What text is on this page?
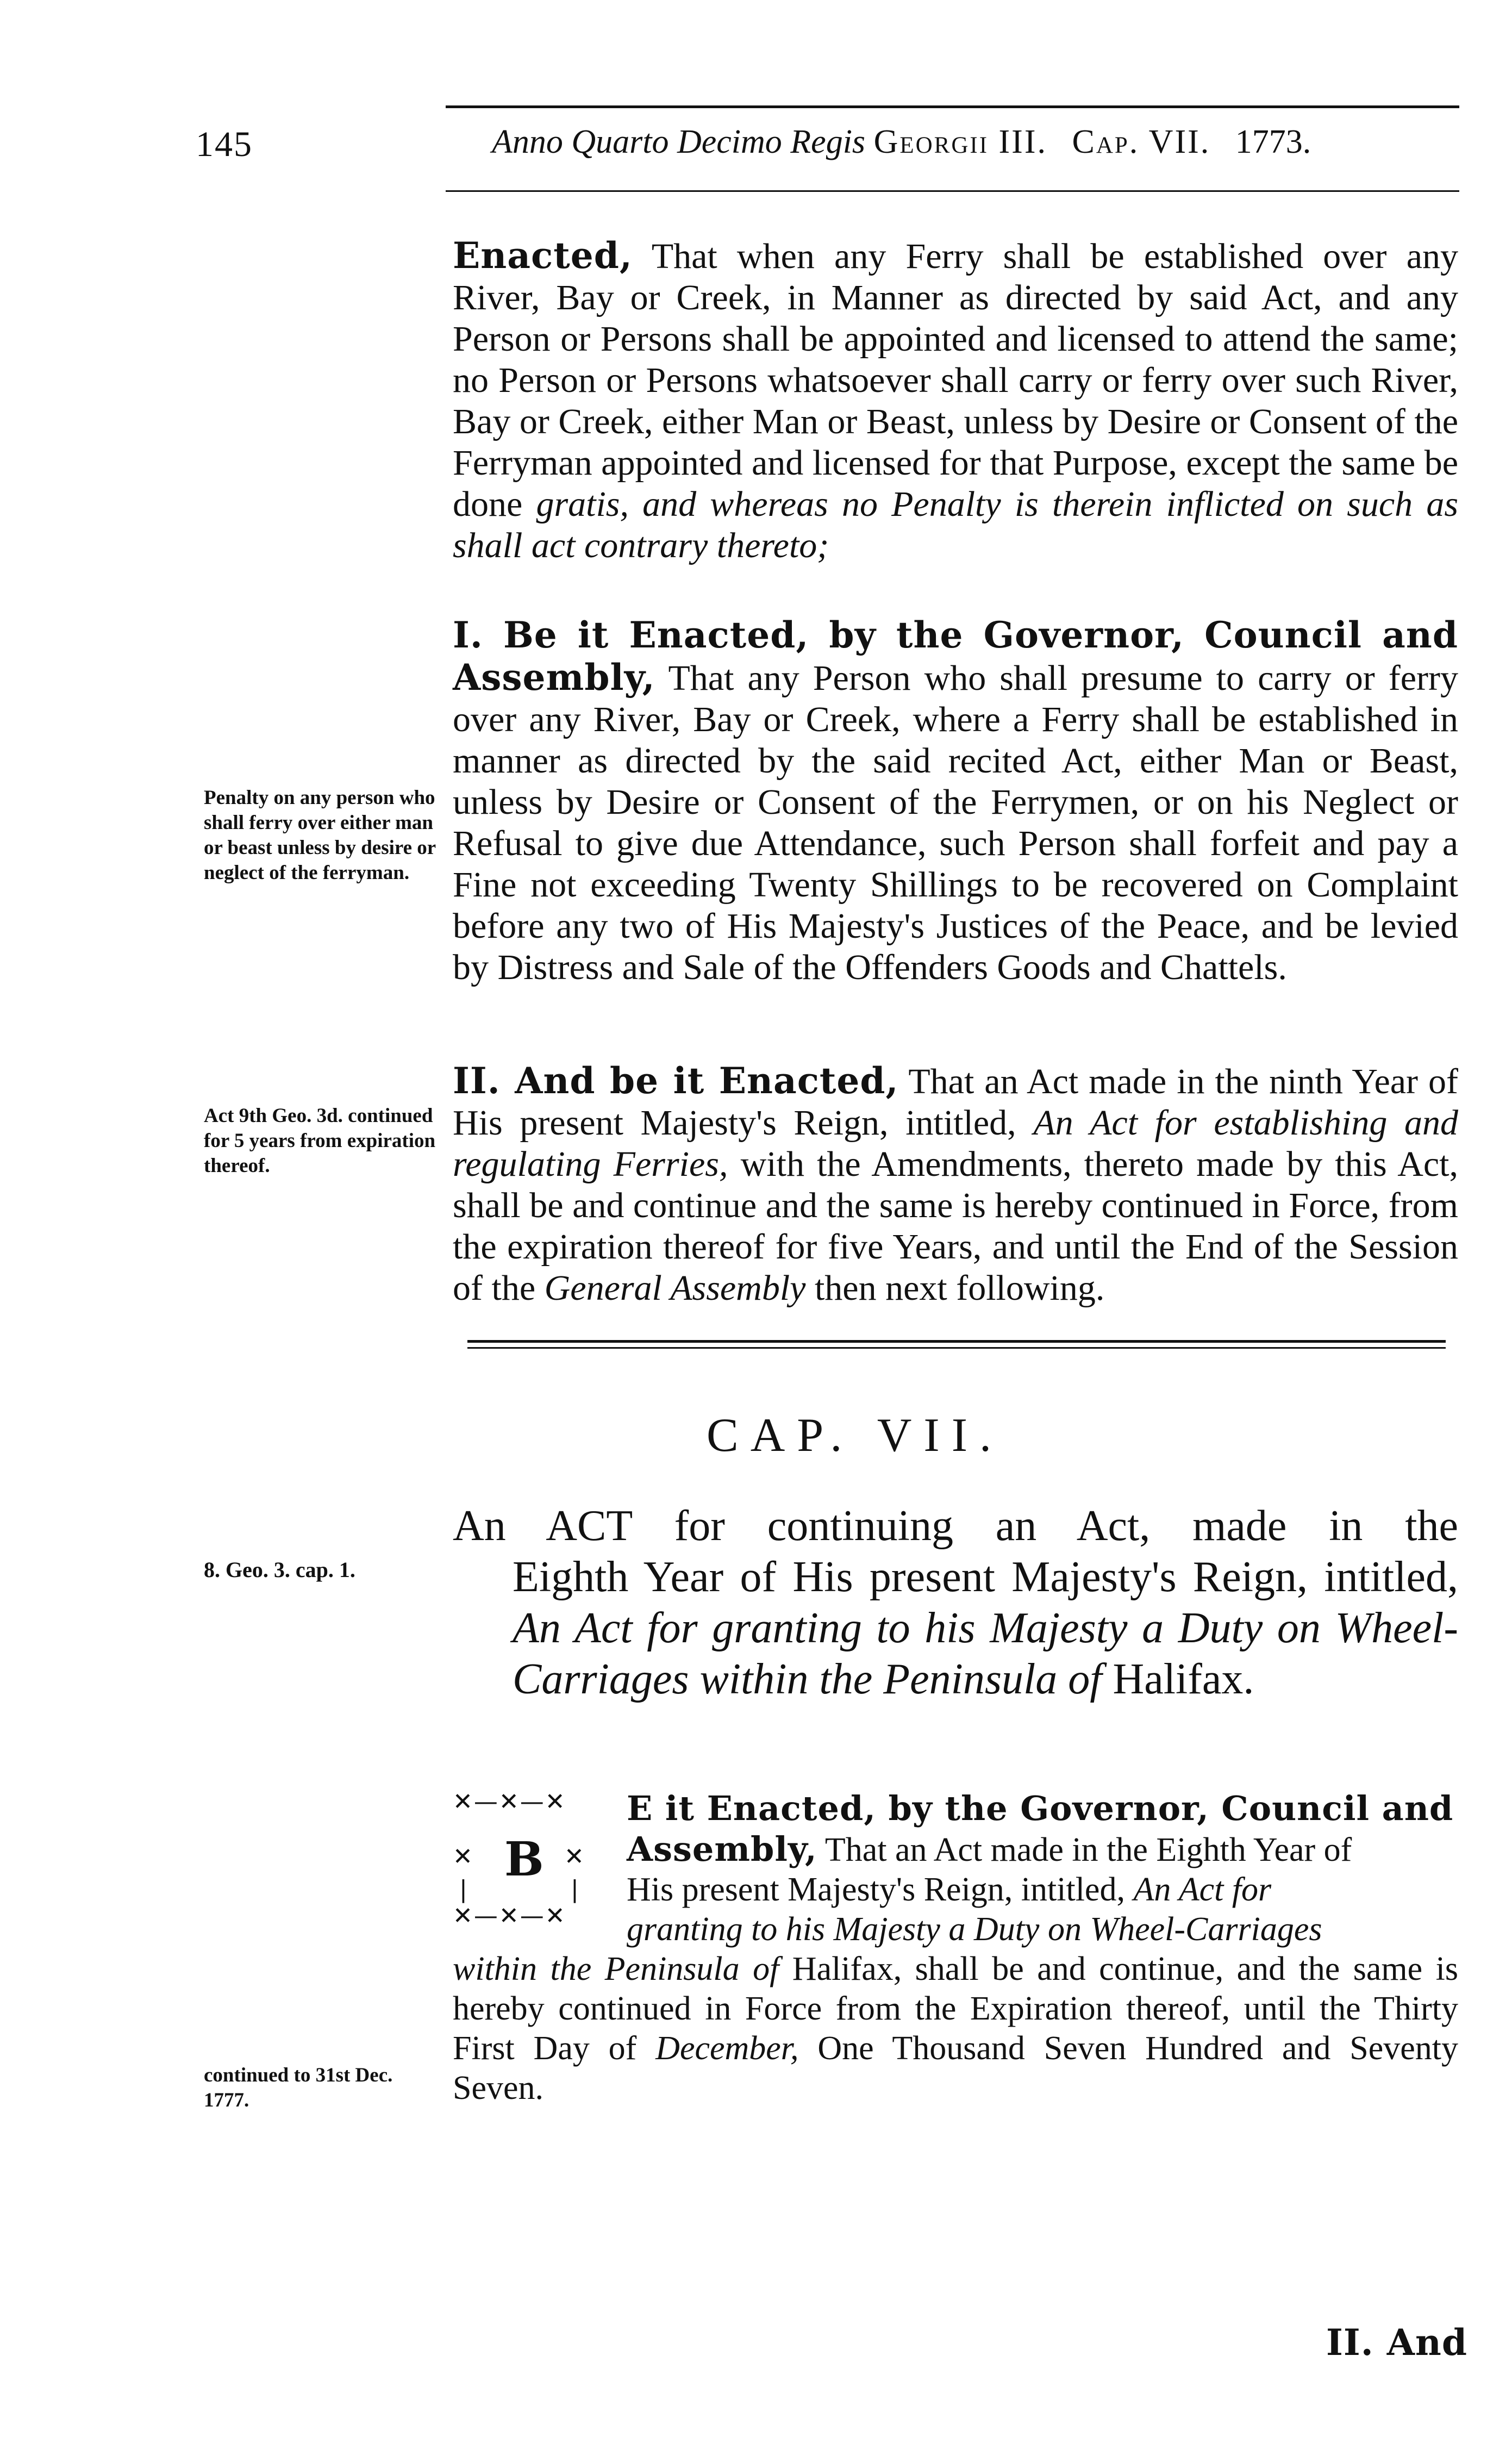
145	Anno Quarto Decimo Regis Georgii III. Cap. VII. 1773.
Enacted, That when any Ferry shall be established over any River, Bay or Creek, in Manner as directed by said Act, and any Person or Persons shall be appointed and licensed to attend the same; no Person or Persons whatsoever shall carry or ferry over such River, Bay or Creek, either Man or Beast, unless by Desire or Consent of the Ferryman appointed and licensed for that Purpose, except the same be done gratis, and whereas no Penalty is therein inflicted on such as shall act contrary thereto;
I. Be it Enacted, by the Governor, Council and Assembly, That any Person who shall presume to carry or ferry over any River, Bay or Creek, where a Ferry shall be established in manner as directed by the said recited Act, either Man or Beast, unless by Desire or Consent of the Ferrymen, or on his Neglect or Refusal to give due Attendance, such Person shall forfeit and pay a Fine not exceeding Twenty Shillings to be recovered on Complaint before any two of His Majesty's Justices of the Peace, and be levied by Distress and Sale of the Offenders Goods and Chattels.
Penalty on any person who shall ferry over either man or beast unless by desire or neglect of the ferryman.
II. And be it Enacted, That an Act made in the ninth Year of His present Majesty's Reign, intitled, An Act for establishing and regulating Ferries, with the Amendments, thereto made by this Act, shall be and continue and the same is hereby continued in Force, from the expiration thereof for five Years, and until the End of the Session of the General Assembly then next following.
Act 9th Geo. 3d. continued for 5 years from expiration thereof.
CAP. VII.
An ACT for continuing an Act, made in the
Eighth Year of His present Majesty's Reign, intitled, An Act for granting to his Majesty a Duty on Wheel-Carriages within the Peninsula of Halifax.
8. Geo. 3. cap. 1.
✕—✕—✕
✕	✕
|	|
B
✕—✕—✕
E it Enacted, by the Governor, Council and
Assembly, That an Act made in the Eighth Year of
His present Majesty's Reign, intitled, An Act for
granting to his Majesty a Duty on Wheel-Carriages
within the Peninsula of Halifax, shall be and continue, and the same is hereby continued in Force from the Expiration thereof, until the Thirty First Day of December, One Thousand Seven Hundred and Seventy Seven.
continued to 31st Dec. 1777.
II. And
